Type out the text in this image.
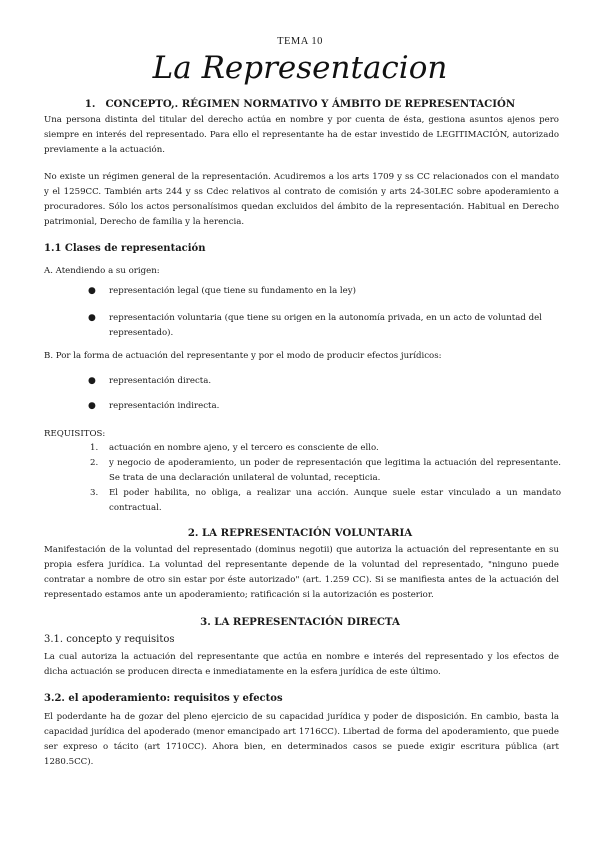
TEMA 10
La Representacion
1. CONCEPTO,. RÉGIMEN NORMATIVO Y ÁMBITO DE REPRESENTACIÓN
Una persona distinta del titular del derecho actúa en nombre y por cuenta de ésta, gestiona asuntos ajenos pero siempre en interés del representado. Para ello el representante ha de estar investido de LEGITIMACIÓN, autorizado previamente a la actuación.
No existe un régimen general de la representación. Acudiremos a los arts 1709 y ss CC relacionados con el mandato y el 1259CC. También arts 244 y ss Cdec relativos al contrato de comisión y arts 24-30LEC sobre apoderamiento a procuradores. Sólo los actos personalísimos quedan excluidos del ámbito de la representación. Habitual en Derecho patrimonial, Derecho de familia y la herencia.
1.1 Clases de representación
A. Atendiendo a su origen:
●	representación legal (que tiene su fundamento en la ley)
●	representación voluntaria (que tiene su origen en la autonomía privada, en un acto de voluntad del representado).
B. Por la forma de actuación del representante y por el modo de producir efectos jurídicos:
●	representación directa.
●	representación indirecta.
REQUISITOS:
1. actuación en nombre ajeno, y el tercero es consciente de ello.
2. y negocio de apoderamiento, un poder de representación que legitima la actuación del representante. Se trata de una declaración unilateral de voluntad, recepticia.
3. El poder habilita, no obliga, a realizar una acción. Aunque suele estar vinculado a un mandato contractual.
2. LA REPRESENTACIÓN VOLUNTARIA
Manifestación de la voluntad del representado (dominus negotii) que autoriza la actuación del representante en su propia esfera jurídica. La voluntad del representante depende de la voluntad del representado, "ninguno puede contratar a nombre de otro sin estar por éste autorizado" (art. 1.259 CC). Si se manifiesta antes de la actuación del representado estamos ante un apoderamiento; ratificación si la autorización es posterior.
3. LA REPRESENTACIÓN DIRECTA
3.1. concepto y requisitos
La cual autoriza la actuación del representante que actúa en nombre e interés del representado y los efectos de dicha actuación se producen directa e inmediatamente en la esfera jurídica de este último.
3.2. el apoderamiento: requisitos y efectos
El poderdante ha de gozar del pleno ejercicio de su capacidad jurídica y poder de disposición. En cambio, basta la capacidad jurídica del apoderado (menor emancipado art 1716CC). Libertad de forma del apoderamiento, que puede ser expreso o tácito (art 1710CC). Ahora bien, en determinados casos se puede exigir escritura pública (art 1280.5CC).
